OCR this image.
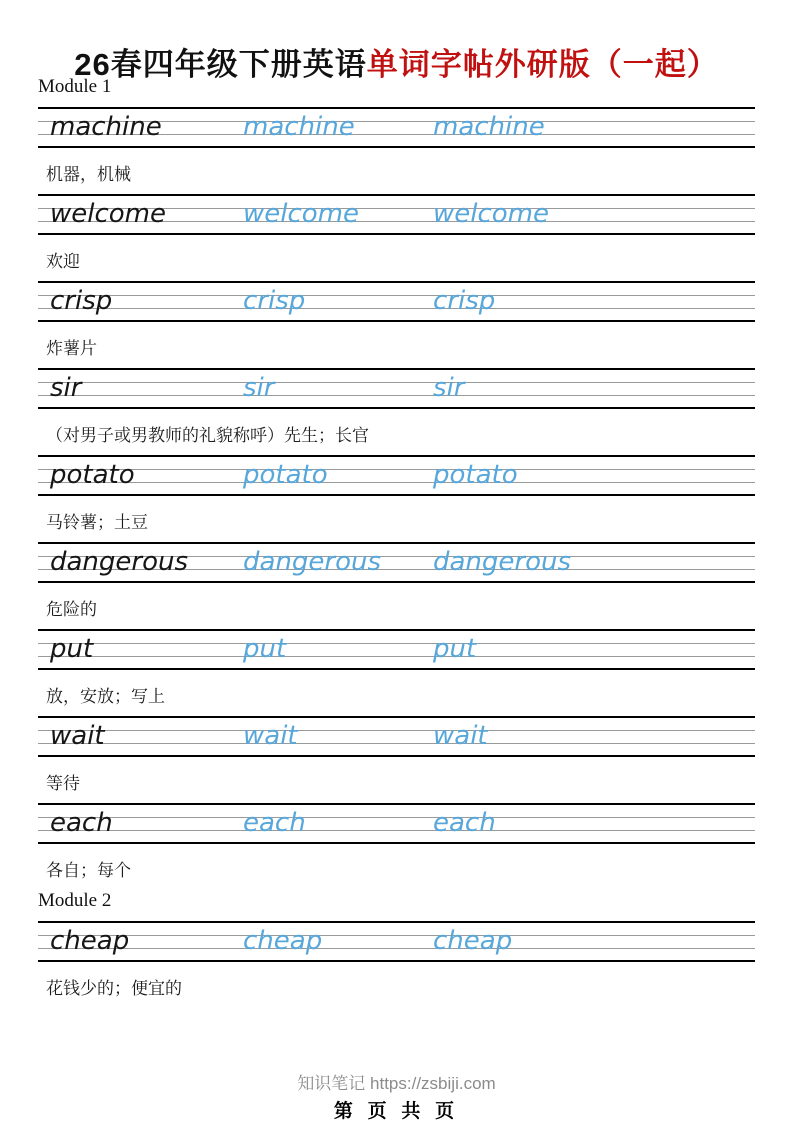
26春四年级下册英语单词字帖外研版（一起）
Module 1
machine	machine	machine
机器，机械
welcome	welcome	welcome
欢迎
crisp	crisp	crisp
炸薯片
sir	sir	sir
（对男子或男教师的礼貌称呼）先生；长官
potato	potato	potato
马铃薯；土豆
dangerous dangerous dangerous
危险的
put	put	put
放，安放；写上
wait	wait	wait
等待
each	each	each
各自；每个
Module 2
cheap	cheap	cheap
花钱少的；便宜的
知识笔记 https://zsbiji.com
第 页 共 页
